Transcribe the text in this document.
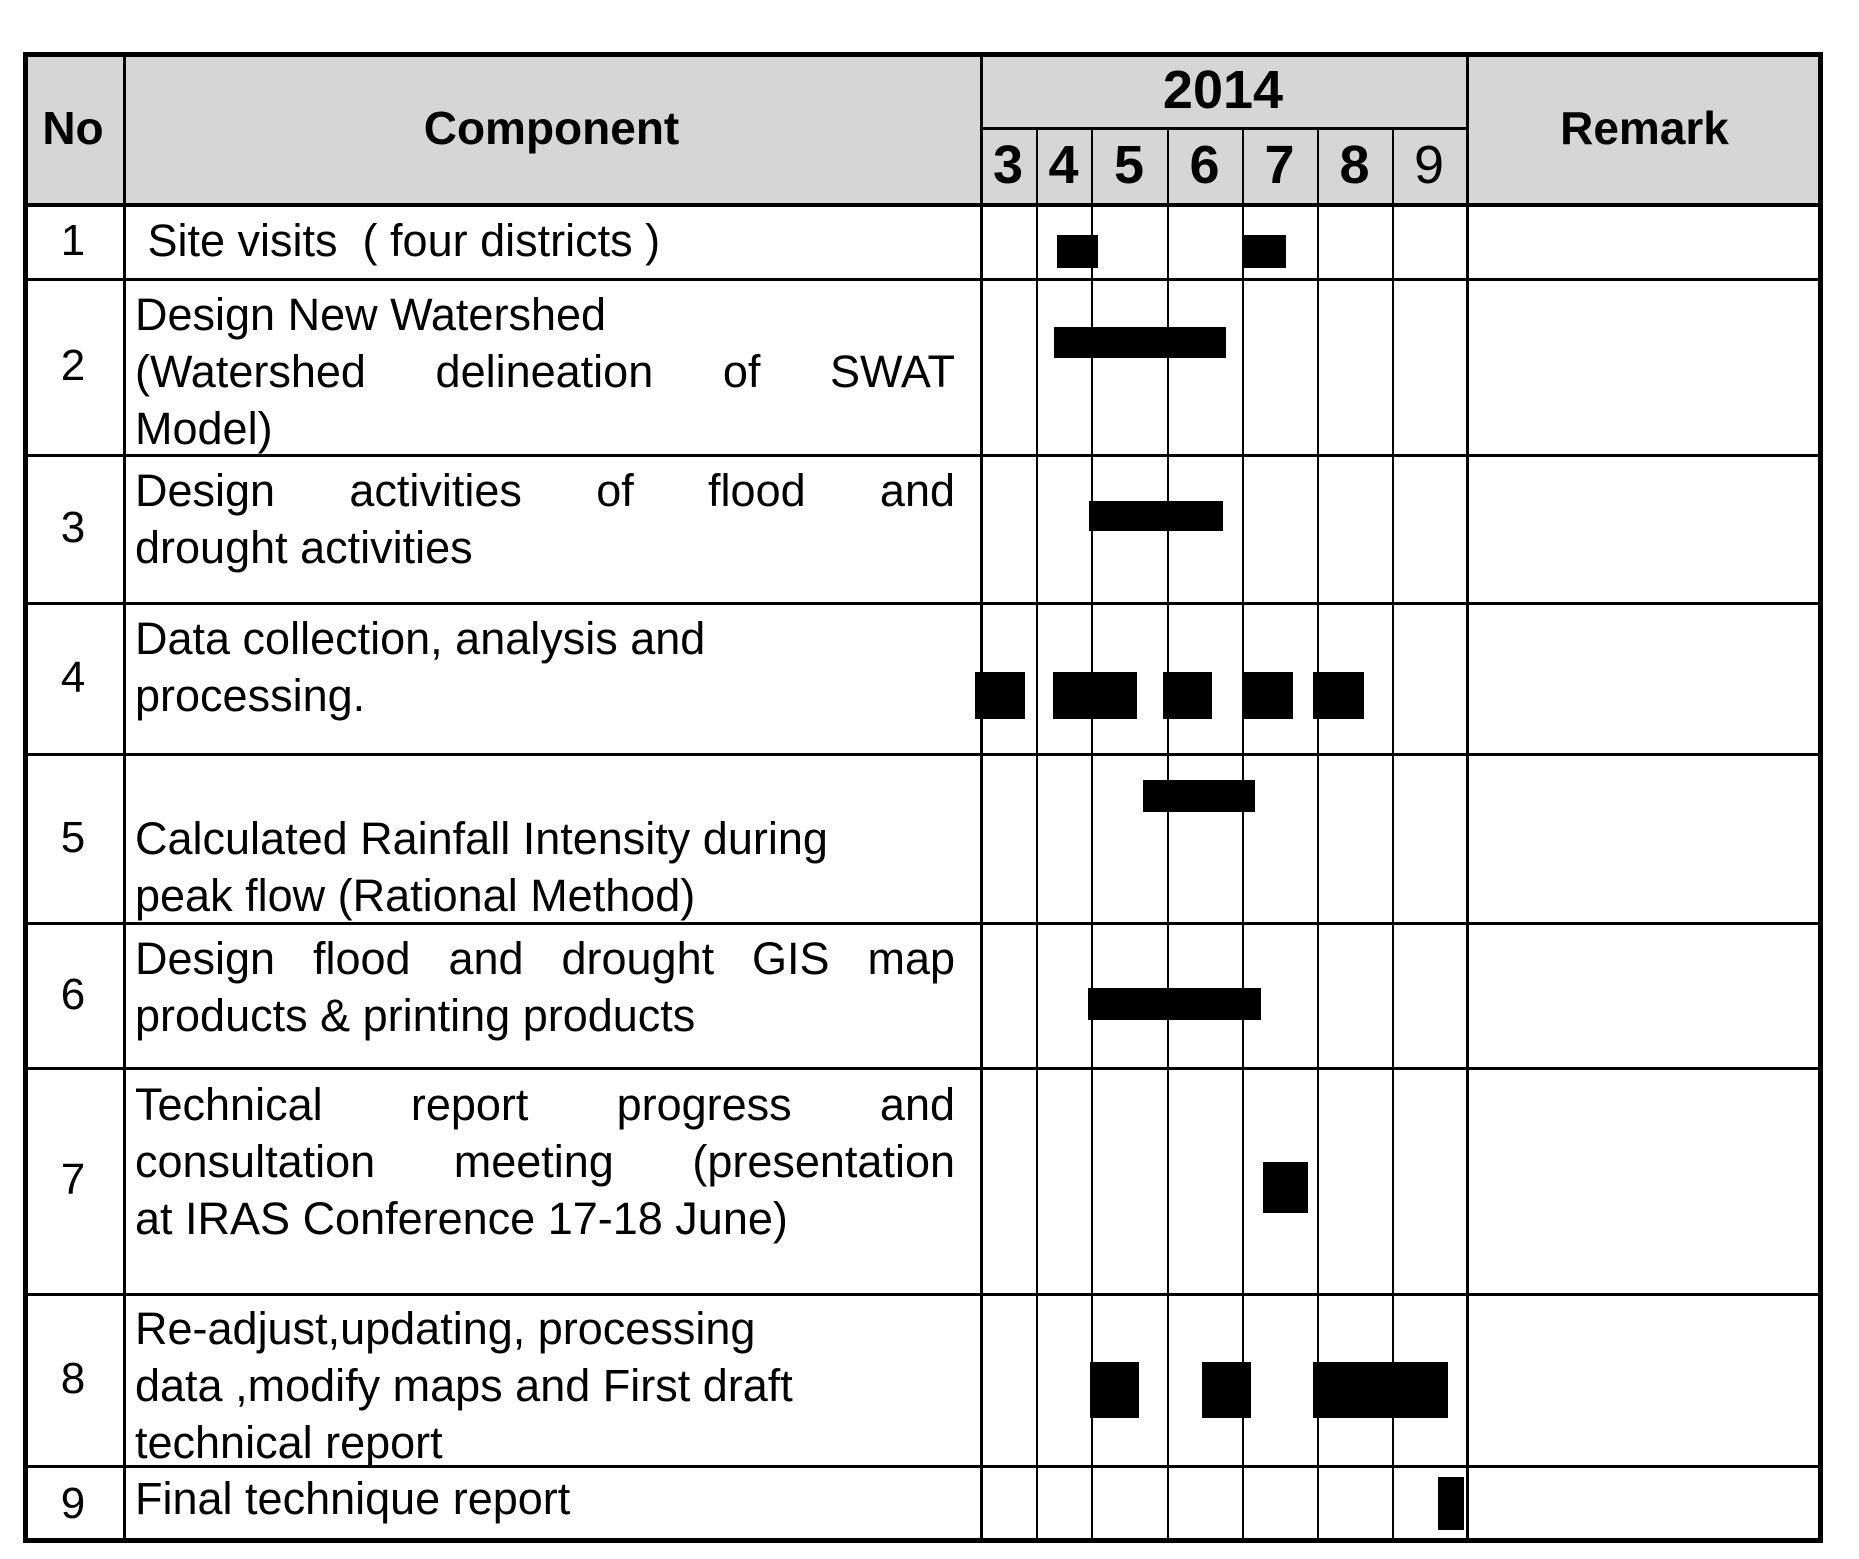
No	Component
2014
Remark
3 4 5 6 7 8 9
1
2
3
4
5
6
7
8
9
Site visits  ( four districts )
Design New Watershed
(Watershed delineation of SWAT
Model)
Design activities of flood and
drought activities
Data collection, analysis and
processing.
Calculated Rainfall Intensity during
peak flow (Rational Method)
Design flood and drought GIS map
products & printing products
Technical report progress and
consultation meeting (presentation
at IRAS Conference 17-18 June)
Re-adjust,updating, processing
data ,modify maps and First draft
technical report
Final technique report
